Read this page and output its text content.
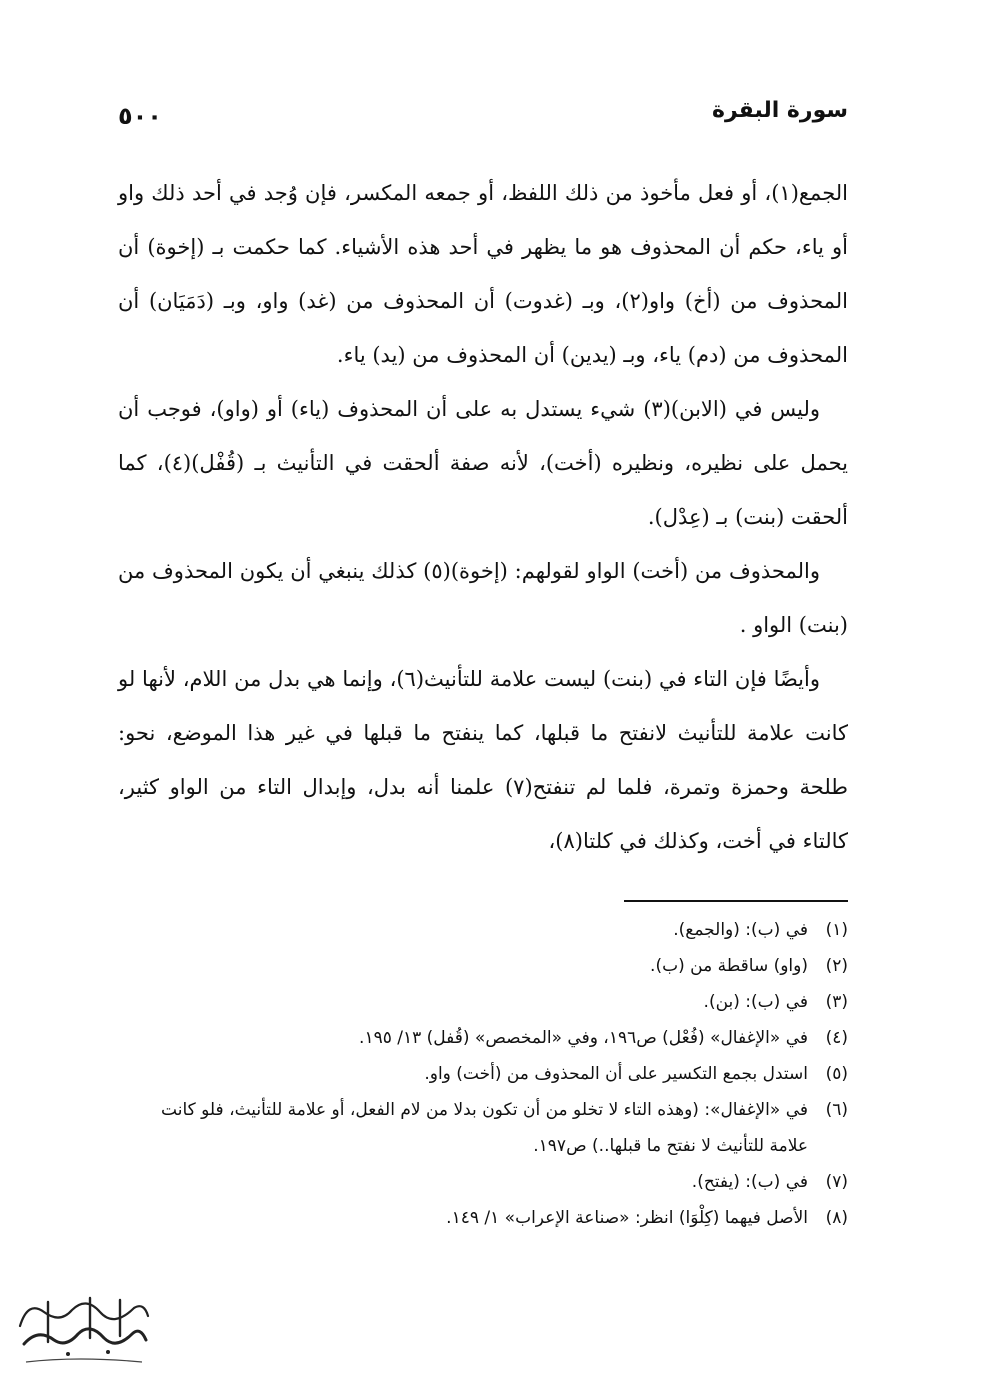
سورة البقرة
٥٠٠

الجمع(١)، أو فعل مأخوذ من ذلك اللفظ، أو جمعه المكسر، فإن وُجد في أحد ذلك واو أو ياء، حكم أن المحذوف هو ما يظهر في أحد هذه الأشياء. كما حكمت بـ (إخوة) أن المحذوف من (أخ) واو(٢)، وبـ (غدوت) أن المحذوف من (غد) واو، وبـ (دَمَيَان) أن المحذوف من (دم) ياء، وبـ (يدين) أن المحذوف من (يد) ياء.

وليس في (الابن)(٣) شيء يستدل به على أن المحذوف (ياء) أو (واو)، فوجب أن يحمل على نظيره، ونظيره (أخت)، لأنه صفة ألحقت في التأنيث بـ (قُفْل)(٤)، كما ألحقت (بنت) بـ (عِدْل).

والمحذوف من (أخت) الواو لقولهم: (إخوة)(٥) كذلك ينبغي أن يكون المحذوف من (بنت) الواو .

وأيضًا فإن التاء في (بنت) ليست علامة للتأنيث(٦)، وإنما هي بدل من اللام، لأنها لو كانت علامة للتأنيث لانفتح ما قبلها، كما ينفتح ما قبلها في غير هذا الموضع، نحو: طلحة وحمزة وتمرة، فلما لم تنفتح(٧) علمنا أنه بدل، وإبدال التاء من الواو كثير، كالتاء في أخت، وكذلك في كلتا(٨)،

(١)
في (ب): (والجمع).
(٢)
(واو) ساقطة من (ب).
(٣)
في (ب): (بن).
(٤)
في «الإغفال» (فُعْل) ص١٩٦، وفي «المخصص» (قُفل) ١٣/ ١٩٥.
(٥)
استدل بجمع التكسير على أن المحذوف من (أخت) واو.
(٦)
في «الإغفال»: (وهذه التاء لا تخلو من أن تكون بدلا من لام الفعل، أو علامة للتأنيث، فلو كانت علامة للتأنيث لا نفتح ما قبلها..) ص١٩٧.
(٧)
في (ب): (يفتح).
(٨)
الأصل فيهما (كِلْوَا) انظر: «صناعة الإعراب» ١/ ١٤٩.
